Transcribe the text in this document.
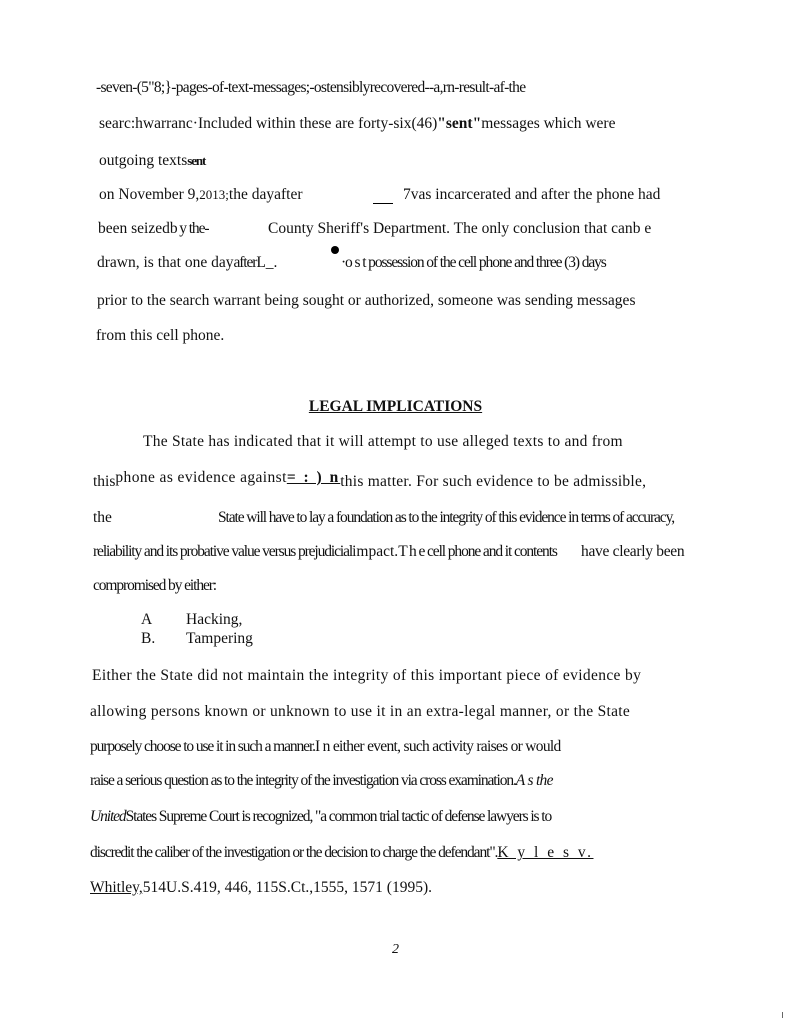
-seven-(5"8;}-pages-of-text-messages;-ostensiblyrecovered--a,rn-result-af-the
searc:hwarranc·Included within these are forty-six(46)"sent"messages which were
outgoing textssent
on November 9,2013;the dayafter	7vas incarcerated and after the phone had
been seizedb y the-	County Sheriff's Department. The only conclusion that canb e
drawn, is that one dayafterL_.	·o s t possession of the cell phone and three (3) days
prior to the search warrant being sought or authorized, someone was sending messages
from this cell phone.
LEGAL IMPLICATIONS
The State has indicated that it will attempt to use alleged texts to and from
thisphone as evidence against= : ) nthis matter. For such evidence to be admissible,
the	State will have to lay a foundation as to the integrity of this evidence in terms of accuracy,
reliability and its probative value versus prejudicialimpact.T h e cell phone and it contents have clearly been
compromised by either:
A Hacking,
B. Tampering
Either the State did not maintain the integrity of this important piece of evidence by
allowing persons known or unknown to use it in an extra-legal manner, or the State
purposely choose to use it in such a manner.I n either event, such activity raises or would
raise a serious question as to the integrity of the investigation via cross examination.A s the
UnitedStates Supreme Court is recognized, "a common trial tactic of defense lawyers is to
discredit the caliber of the investigation or the decision to charge the defendant".K y l e s v.
Whitley,514U.S.419, 446, 115S.Ct.,1555, 1571 (1995).
2
